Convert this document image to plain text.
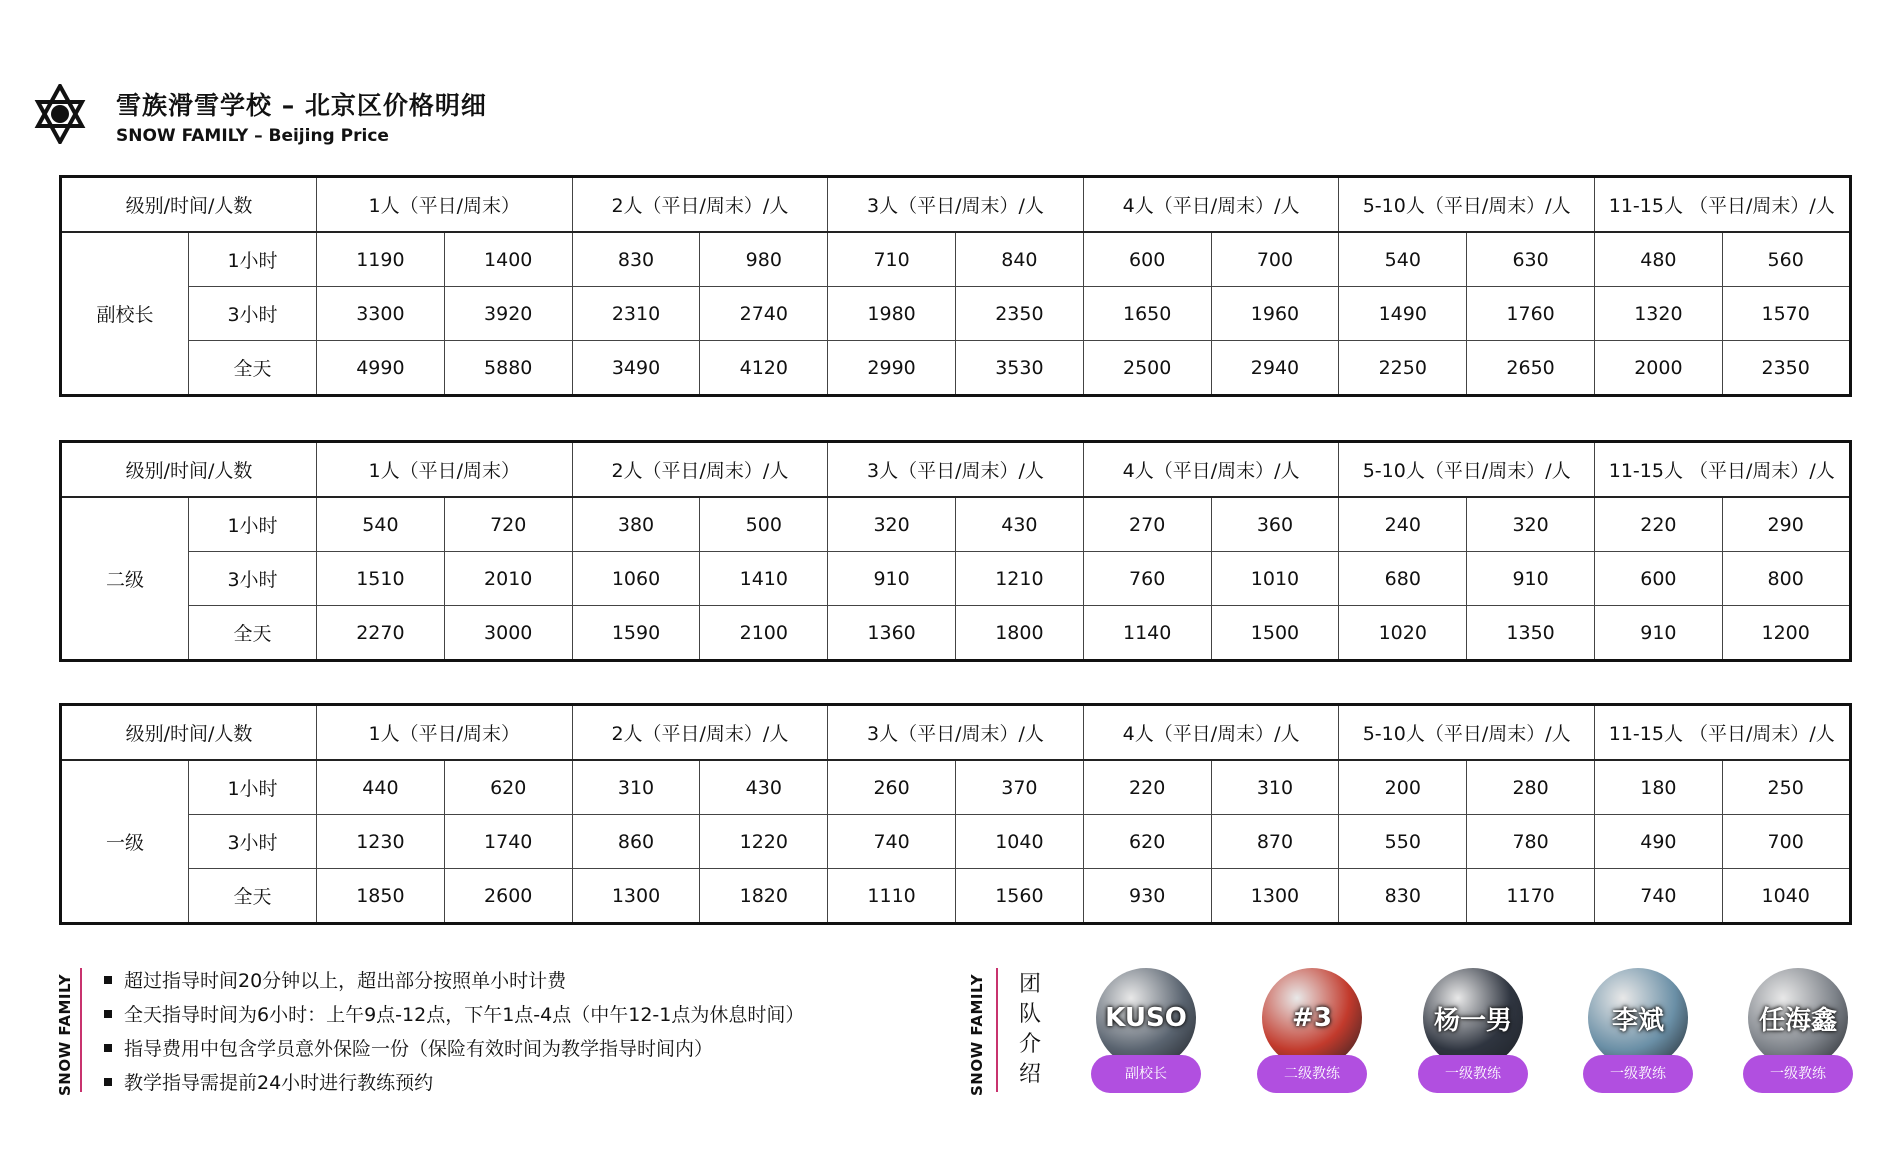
雪族滑雪学校 – 北京区价格明细
SNOW FAMILY – Beijing Price
级别/时间/人数		1人（平日/周末）		2人（平日/周末）/人		3人（平日/周末）/人		4人（平日/周末）/人		5-10人（平日/周末）/人		11-15人 （平日/周末）/人	
副校长	1小时	1190	1400	830	980	710	840	600	700	540	630	480	560
	3小时	3300	3920	2310	2740	1980	2350	1650	1960	1490	1760	1320	1570
	全天	4990	5880	3490	4120	2990	3530	2500	2940	2250	2650	2000	2350
级别/时间/人数		1人（平日/周末）		2人（平日/周末）/人		3人（平日/周末）/人		4人（平日/周末）/人		5-10人（平日/周末）/人		11-15人 （平日/周末）/人	
二级	1小时	540	720	380	500	320	430	270	360	240	320	220	290
	3小时	1510	2010	1060	1410	910	1210	760	1010	680	910	600	800
	全天	2270	3000	1590	2100	1360	1800	1140	1500	1020	1350	910	1200
级别/时间/人数		1人（平日/周末）		2人（平日/周末）/人		3人（平日/周末）/人		4人（平日/周末）/人		5-10人（平日/周末）/人		11-15人 （平日/周末）/人	
一级	1小时	440	620	310	430	260	370	220	310	200	280	180	250
	3小时	1230	1740	860	1220	740	1040	620	870	550	780	490	700
	全天	1850	2600	1300	1820	1110	1560	930	1300	830	1170	740	1040
SNOW FAMILY	超过指导时间20分钟以上，超出部分按照单小时计费
全天指导时间为6小时：上午9点-12点，下午1点-4点（中午12-1点为休息时间）
指导费用中包含学员意外保险一份（保险有效时间为教学指导时间内）
教学指导需提前24小时进行教练预约	SNOW FAMILY	团
队
介
绍
KUSO
副校长
#3
二级教练
杨一男
一级教练
李斌
一级教练
任海鑫
一级教练
